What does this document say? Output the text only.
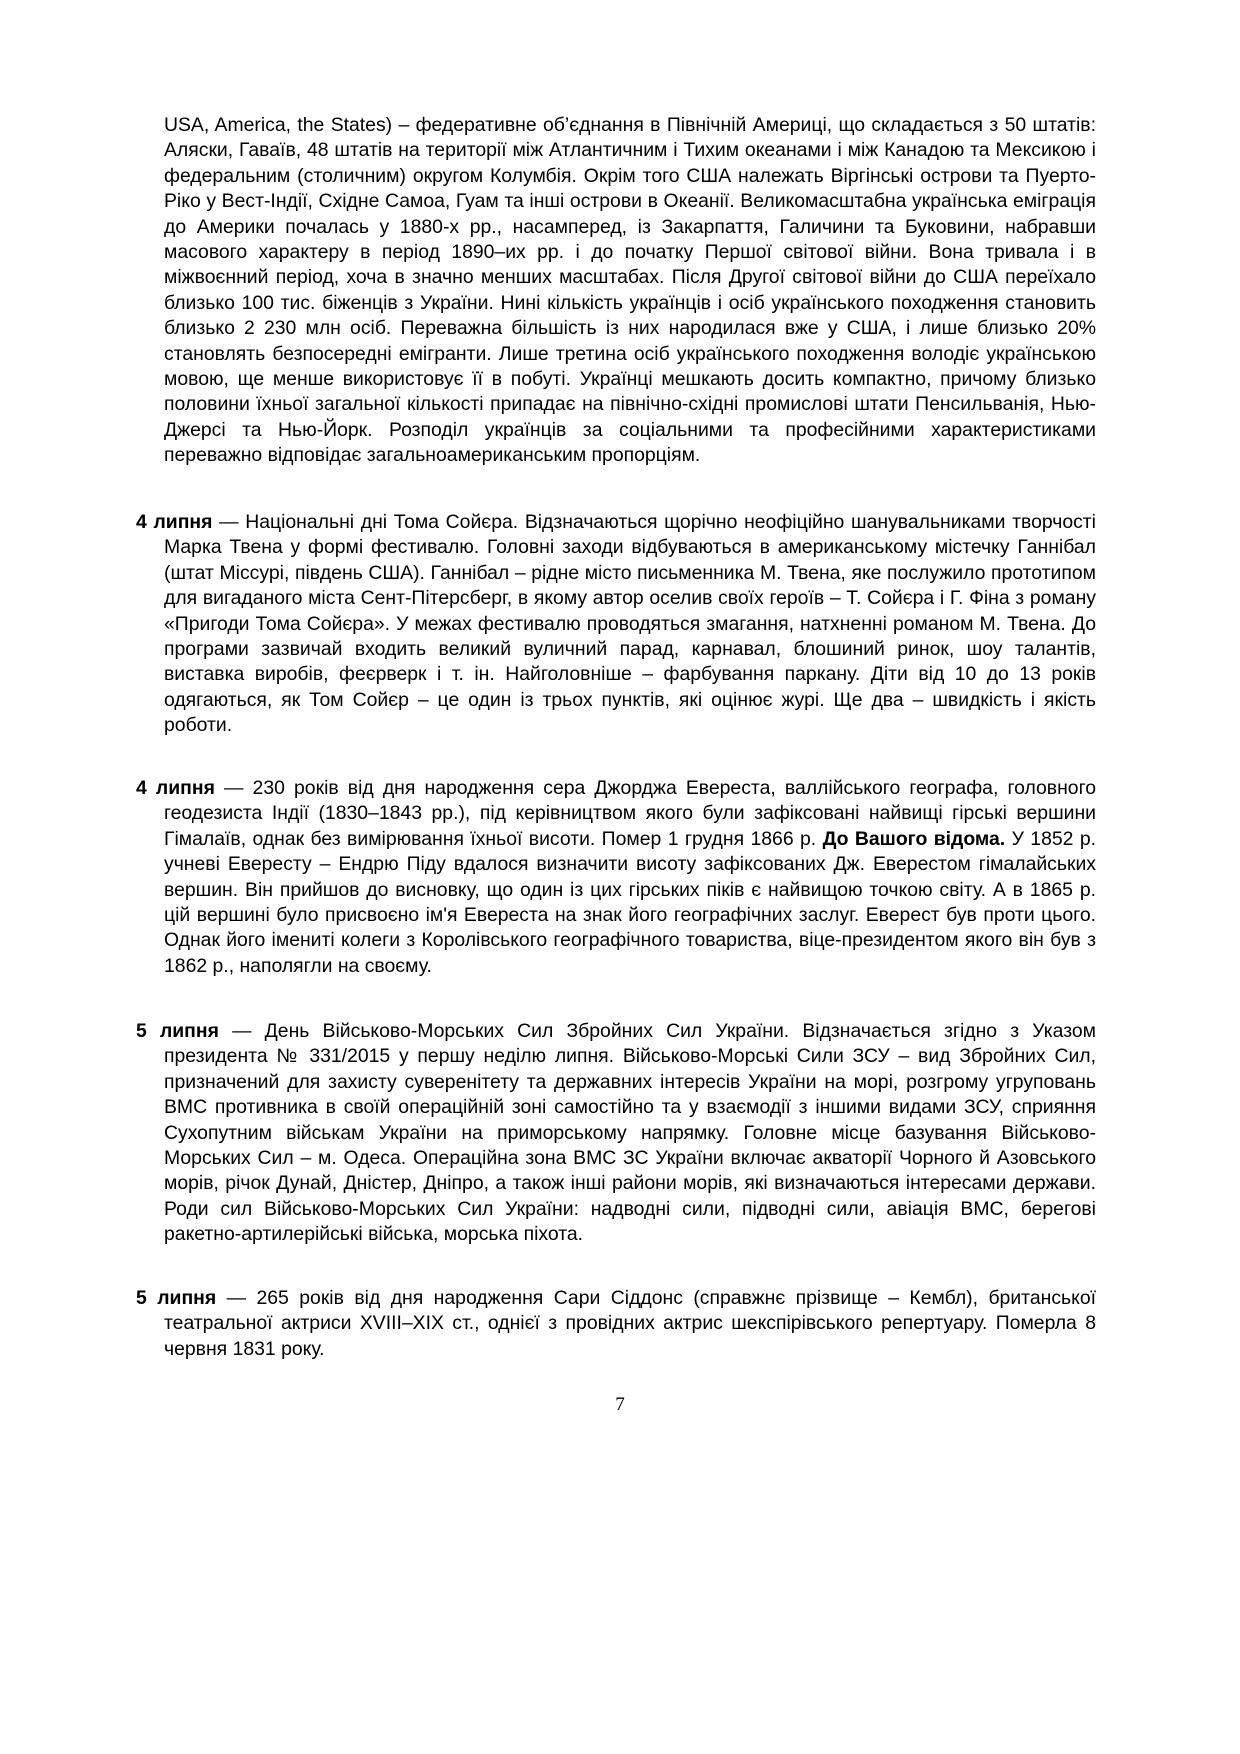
USA, America, the States) – федеративне об’єднання в Північній Америці, що складається з 50 штатів: Аляски, Гаваїв, 48 штатів на території між Атлантичним і Тихим океанами і між Канадою та Мексикою і федеральним (столичним) округом Колумбія. Окрім того США належать Віргінські острови та Пуерто-Ріко у Вест-Індії, Східне Самоа, Гуам та інші острови в Океанії. Великомасштабна українська еміграція до Америки почалась у 1880-х рр., насамперед, із Закарпаття, Галичини та Буковини, набравши масового характеру в період 1890–их рр. і до початку Першої світової війни. Вона тривала і в міжвоєнний період, хоча в значно менших масштабах. Після Другої світової війни до США переїхало близько 100 тис. біженців з України. Нині кількість українців і осіб українського походження становить близько 2 230 млн осіб. Переважна більшість із них народилася вже у США, і лише близько 20% становлять безпосередні емігранти. Лише третина осіб українського походження володіє українською мовою, ще менше використовує її в побуті. Українці мешкають досить компактно, причому близько половини їхньої загальної кількості припадає на північно-східні промислові штати Пенсильванія, Нью-Джерсі та Нью-Йорк. Розподіл українців за соціальними та професійними характеристиками переважно відповідає загальноамериканським пропорціям.

4 липня — Національні дні Тома Сойєра. Відзначаються щорічно неофіційно шанувальниками творчості Марка Твена у формі фестивалю. Головні заходи відбуваються в американському містечку Ганнібал (штат Міссурі, південь США). Ганнібал – рідне місто письменника М. Твена, яке послужило прототипом для вигаданого міста Сент-Пітерсберг, в якому автор оселив своїх героїв – Т. Сойєра і Г. Фіна з роману «Пригоди Тома Сойєра». У межах фестивалю проводяться змагання, натхненні романом М. Твена. До програми зазвичай входить великий вуличний парад, карнавал, блошиний ринок, шоу талантів, виставка виробів, феєрверк і т. ін. Найголовніше – фарбування паркану. Діти від 10 до 13 років одягаються, як Том Сойєр – це один із трьох пунктів, які оцінює журі. Ще два – швидкість і якість роботи.

4 липня — 230 років від дня народження сера Джорджа Евереста, валлійського географа, головного геодезиста Індії (1830–1843 рр.), під керівництвом якого були зафіксовані найвищі гірські вершини Гімалаїв, однак без вимірювання їхньої висоти. Помер 1 грудня 1866 р. До Вашого відома. У 1852 р. учневі Евересту – Ендрю Піду вдалося визначити висоту зафіксованих Дж. Еверестом гімалайських вершин. Він прийшов до висновку, що один із цих гірських піків є найвищою точкою світу. А в 1865 р. цій вершині було присвоєно ім'я Евереста на знак його географічних заслуг. Еверест був проти цього. Однак його імениті колеги з Королівського географічного товариства, віце-президентом якого він був з 1862 р., наполягли на своєму.

5 липня — День Військово-Морських Сил Збройних Сил України. Відзначається згідно з Указом президента № 331/2015 у першу неділю липня. Військово-Морські Сили ЗСУ – вид Збройних Сил, призначений для захисту суверенітету та державних інтересів України на морі, розгрому угруповань ВМС противника в своїй операційній зоні самостійно та у взаємодії з іншими видами ЗСУ, сприяння Сухопутним військам України на приморському напрямку. Головне місце базування Військово-Морських Сил – м. Одеса. Операційна зона ВМС ЗС України включає акваторії Чорного й Азовського морів, річок Дунай, Дністер, Дніпро, а також інші райони морів, які визначаються інтересами держави. Роди сил Військово-Морських Сил України: надводні сили, підводні сили, авіація ВМС, берегові ракетно-артилерійські війська, морська піхота.

5 липня — 265 років від дня народження Сари Сіддонс (справжнє прізвище – Кембл), британської театральної актриси XVIII–XIX ст., однієї з провідних актрис шекспірівського репертуару. Померла 8 червня 1831 року.

7
